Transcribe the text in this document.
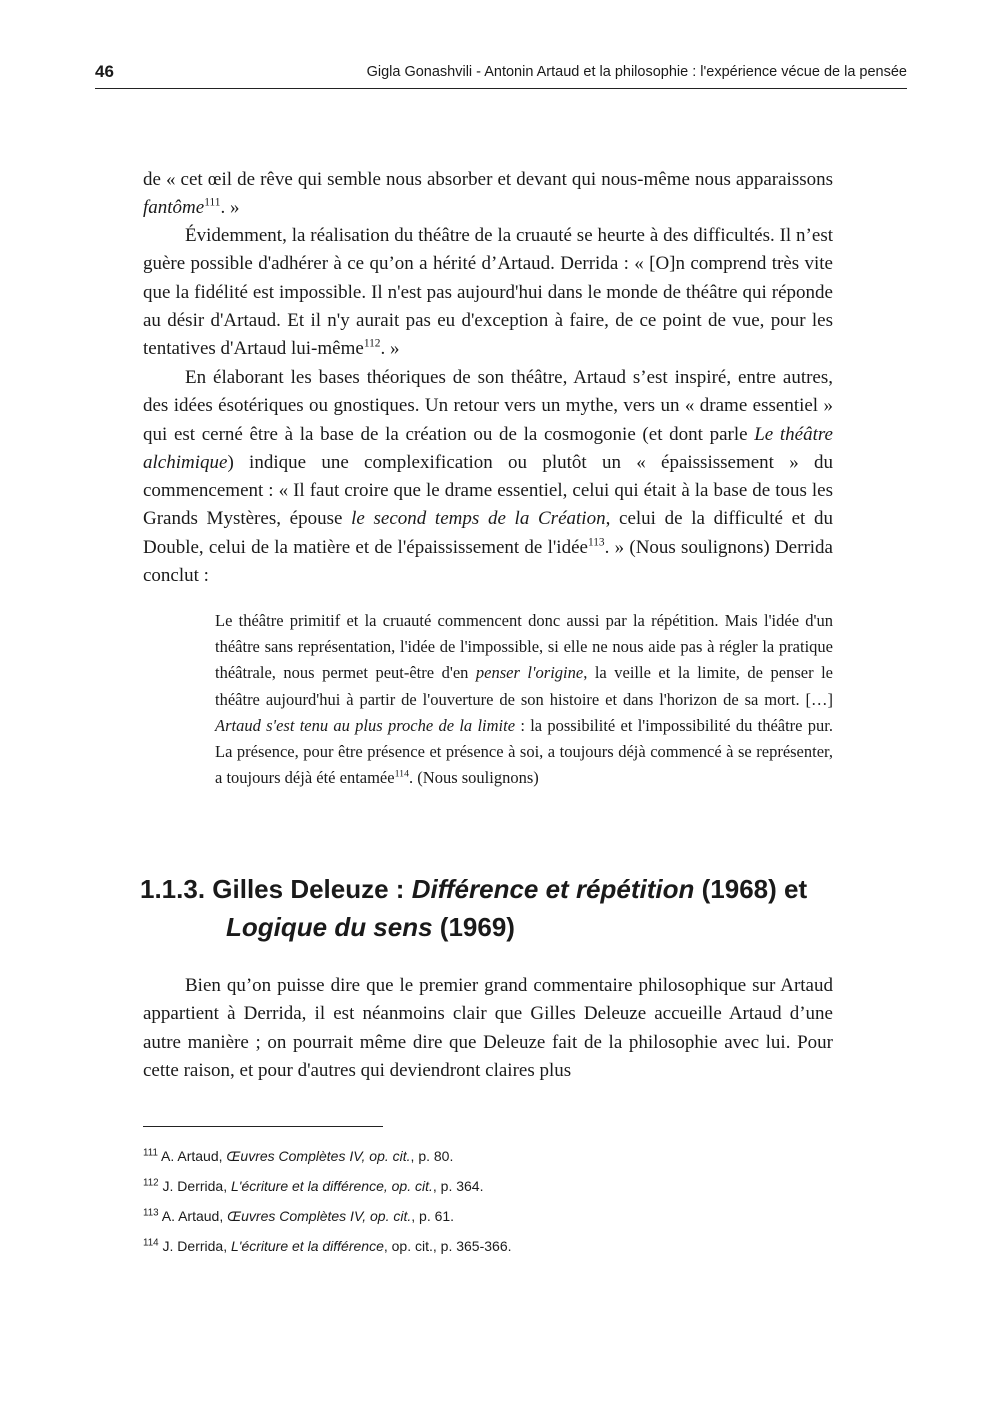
46	Gigla Gonashvili - Antonin Artaud et la philosophie : l'expérience vécue de la pensée

de « cet œil de rêve qui semble nous absorber et devant qui nous-même nous apparaissons fantôme$^{111}$. »

Évidemment, la réalisation du théâtre de la cruauté se heurte à des difficultés. Il n’est guère possible d'adhérer à ce qu’on a hérité d’Artaud. Derrida : « [O]n comprend très vite que la fidélité est impossible. Il n'est pas aujourd'hui dans le monde de théâtre qui réponde au désir d'Artaud. Et il n'y aurait pas eu d'exception à faire, de ce point de vue, pour les tentatives d'Artaud lui-même$^{112}$. »

En élaborant les bases théoriques de son théâtre, Artaud s’est inspiré, entre autres, des idées ésotériques ou gnostiques. Un retour vers un mythe, vers un « drame essentiel » qui est cerné être à la base de la création ou de la cosmogonie (et dont parle Le théâtre alchimique) indique une complexification ou plutôt un « épaississement » du commencement : « Il faut croire que le drame essentiel, celui qui était à la base de tous les Grands Mystères, épouse le second temps de la Création, celui de la difficulté et du Double, celui de la matière et de l'épaississement de l'idée$^{113}$. » (Nous soulignons) Derrida conclut :

Le théâtre primitif et la cruauté commencent donc aussi par la répétition. Mais l'idée d'un théâtre sans représentation, l'idée de l'impossible, si elle ne nous aide pas à régler la pratique théâtrale, nous permet peut-être d'en penser l'origine, la veille et la limite, de penser le théâtre aujourd'hui à partir de l'ouverture de son histoire et dans l'horizon de sa mort. […] Artaud s'est tenu au plus proche de la limite : la possibilité et l'impossibilité du théâtre pur. La présence, pour être présence et présence à soi, a toujours déjà commencé à se représenter, a toujours déjà été entamée$^{114}$. (Nous soulignons)

1.1.3. Gilles Deleuze : Différence et répétition (1968) et
Logique du sens (1969)

Bien qu’on puisse dire que le premier grand commentaire philosophique sur Artaud appartient à Derrida, il est néanmoins clair que Gilles Deleuze accueille Artaud d’une autre manière ; on pourrait même dire que Deleuze fait de la philosophie avec lui. Pour cette raison, et pour d'autres qui deviendront claires plus

$^{111}$ A. Artaud, Œuvres Complètes IV, op. cit., p. 80.
$^{112}$ J. Derrida, L'écriture et la différence, op. cit., p. 364.
$^{113}$ A. Artaud, Œuvres Complètes IV, op. cit., p. 61.
$^{114}$ J. Derrida, L'écriture et la différence, op. cit., p. 365-366.
